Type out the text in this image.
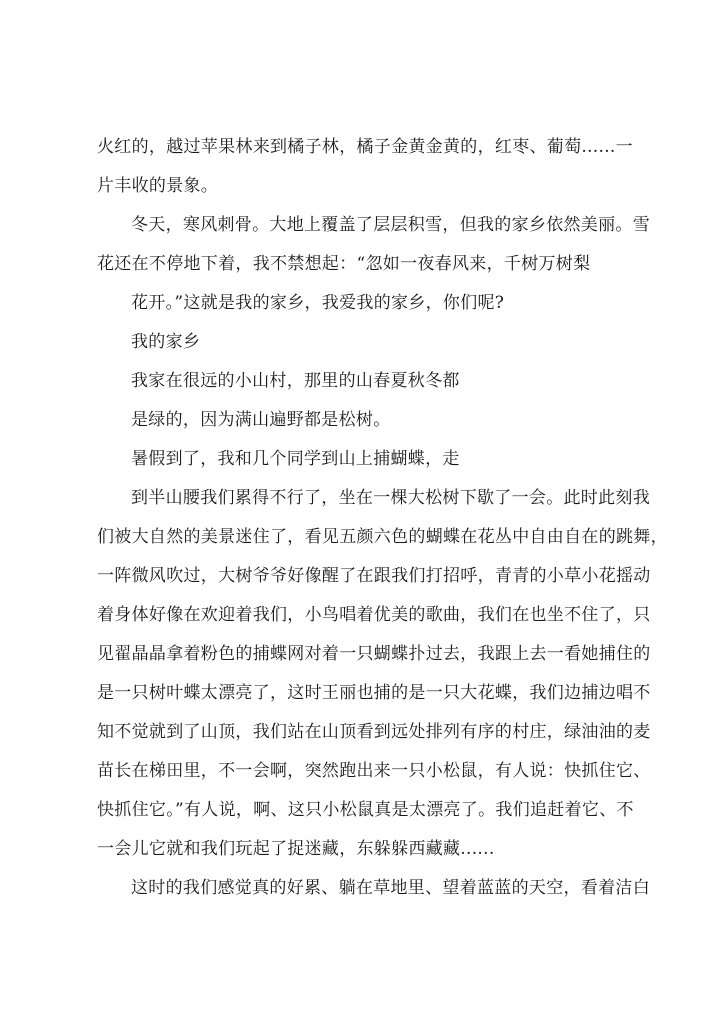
火红的，越过苹果林来到橘子林，橘子金黄金黄的，红枣、葡萄......一
片丰收的景象。
冬天，寒风刺骨。大地上覆盖了层层积雪，但我的家乡依然美丽。雪
花还在不停地下着，我不禁想起：“忽如一夜春风来，千树万树梨
花开。”这就是我的家乡，我爱我的家乡，你们呢?
我的家乡
我家在很远的小山村，那里的山春夏秋冬都
是绿的，因为满山遍野都是松树。
暑假到了，我和几个同学到山上捕蝴蝶，走
到半山腰我们累得不行了，坐在一棵大松树下歇了一会。此时此刻我
们被大自然的美景迷住了，看见五颜六色的蝴蝶在花丛中自由自在的跳舞，
一阵微风吹过，大树爷爷好像醒了在跟我们打招呼，青青的小草小花摇动
着身体好像在欢迎着我们，小鸟唱着优美的歌曲，我们在也坐不住了，只
见翟晶晶拿着粉色的捕蝶网对着一只蝴蝶扑过去，我跟上去一看她捕住的
是一只树叶蝶太漂亮了，这时王丽也捕的是一只大花蝶，我们边捕边唱不
知不觉就到了山顶，我们站在山顶看到远处排列有序的村庄，绿油油的麦
苗长在梯田里，不一会啊，突然跑出来一只小松鼠，有人说：快抓住它、
快抓住它。”有人说，啊、这只小松鼠真是太漂亮了。我们追赶着它、不
一会儿它就和我们玩起了捉迷藏，东躲躲西藏藏......
这时的我们感觉真的好累、躺在草地里、望着蓝蓝的天空，看着洁白
